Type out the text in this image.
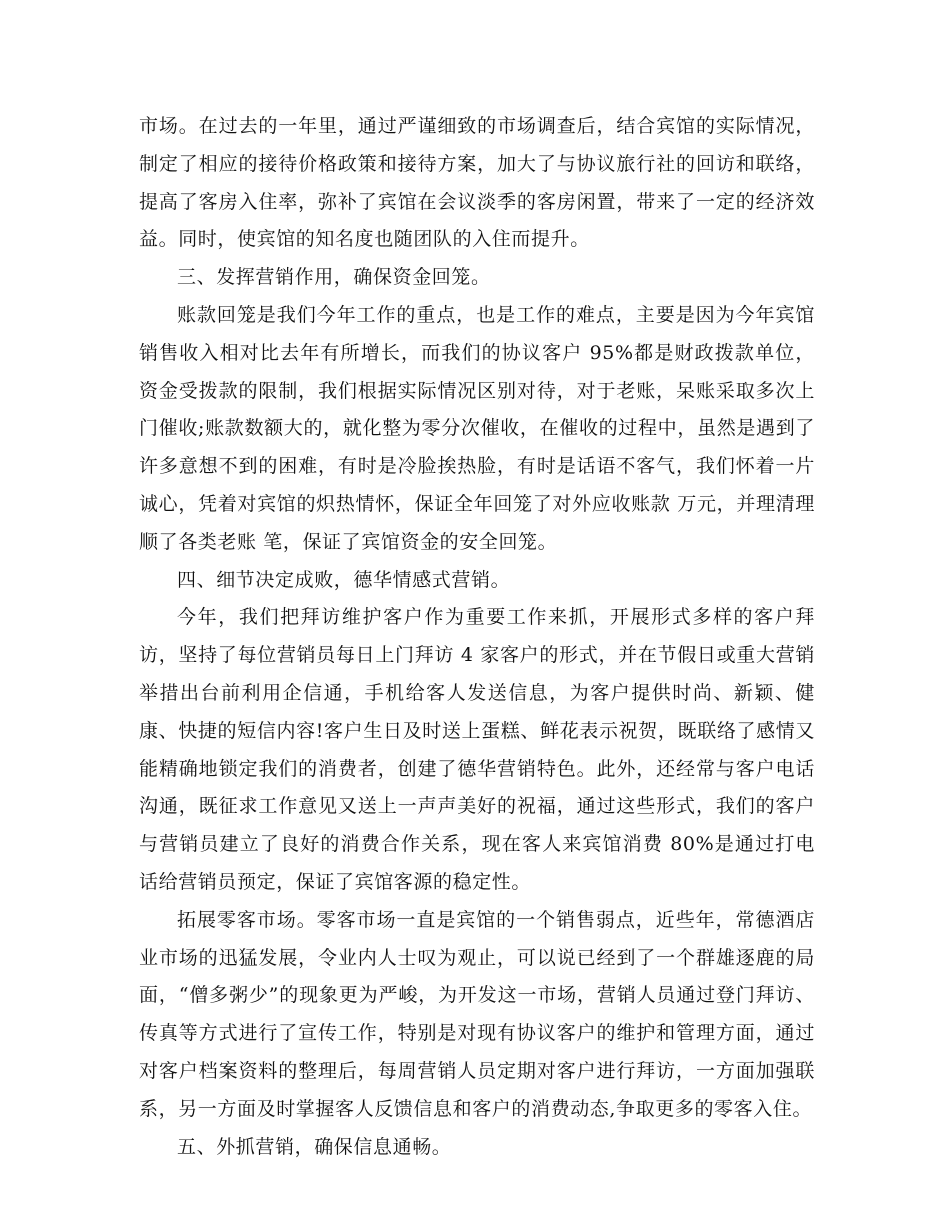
市场。在过去的一年里，通过严谨细致的市场调查后，结合宾馆的实际情况，制定了相应的接待价格政策和接待方案，加大了与协议旅行社的回访和联络，提高了客房入住率，弥补了宾馆在会议淡季的客房闲置，带来了一定的经济效益。同时，使宾馆的知名度也随团队的入住而提升。

三、发挥营销作用，确保资金回笼。

账款回笼是我们今年工作的重点，也是工作的难点，主要是因为今年宾馆销售收入相对比去年有所增长，而我们的协议客户 95%都是财政拨款单位，资金受拨款的限制，我们根据实际情况区别对待，对于老账，呆账采取多次上门催收;账款数额大的，就化整为零分次催收，在催收的过程中，虽然是遇到了许多意想不到的困难，有时是冷脸挨热脸，有时是话语不客气，我们怀着一片诚心，凭着对宾馆的炽热情怀，保证全年回笼了对外应收账款 万元，并理清理顺了各类老账 笔，保证了宾馆资金的安全回笼。

四、细节决定成败，德华情感式营销。

今年，我们把拜访维护客户作为重要工作来抓，开展形式多样的客户拜访，坚持了每位营销员每日上门拜访 4 家客户的形式，并在节假日或重大营销举措出台前利用企信通，手机给客人发送信息，为客户提供时尚、新颖、健康、快捷的短信内容!客户生日及时送上蛋糕、鲜花表示祝贺，既联络了感情又能精确地锁定我们的消费者，创建了德华营销特色。此外，还经常与客户电话沟通，既征求工作意见又送上一声声美好的祝福，通过这些形式，我们的客户与营销员建立了良好的消费合作关系，现在客人来宾馆消费 80%是通过打电话给营销员预定，保证了宾馆客源的稳定性。

拓展零客市场。零客市场一直是宾馆的一个销售弱点，近些年，常德酒店业市场的迅猛发展，令业内人士叹为观止，可以说已经到了一个群雄逐鹿的局面，“僧多粥少”的现象更为严峻，为开发这一市场，营销人员通过登门拜访、传真等方式进行了宣传工作，特别是对现有协议客户的维护和管理方面，通过对客户档案资料的整理后，每周营销人员定期对客户进行拜访，一方面加强联系，另一方面及时掌握客人反馈信息和客户的消费动态,争取更多的零客入住。

五、外抓营销，确保信息通畅。
